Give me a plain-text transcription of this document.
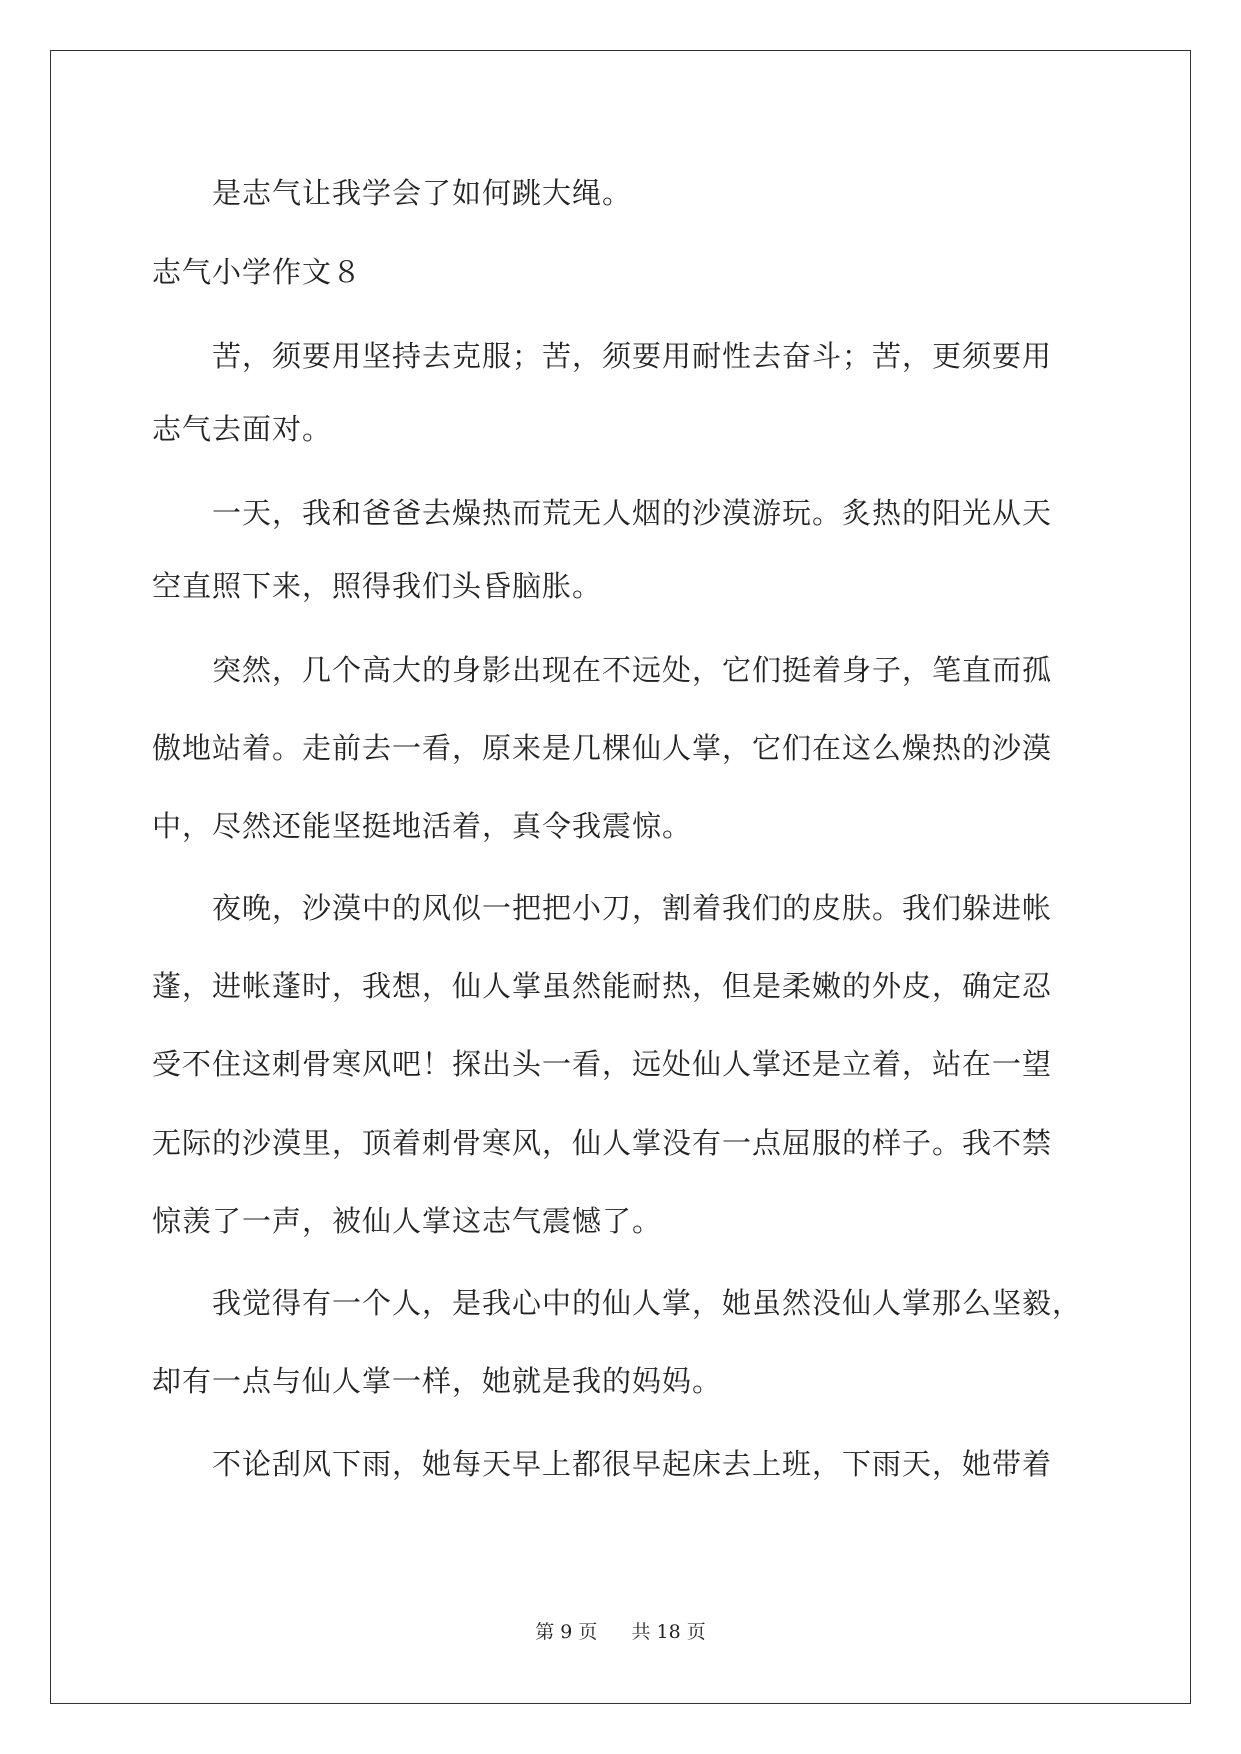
是志气让我学会了如何跳大绳。
志气小学作文８
苦，须要用坚持去克服；苦，须要用耐性去奋斗；苦，更须要用
志气去面对。
一天，我和爸爸去燥热而荒无人烟的沙漠游玩。炙热的阳光从天
空直照下来，照得我们头昏脑胀。
突然，几个高大的身影出现在不远处，它们挺着身子，笔直而孤
傲地站着。走前去一看，原来是几棵仙人掌，它们在这么燥热的沙漠
中，尽然还能坚挺地活着，真令我震惊。
夜晚，沙漠中的风似一把把小刀，割着我们的皮肤。我们躲进帐
蓬，进帐蓬时，我想，仙人掌虽然能耐热，但是柔嫩的外皮，确定忍
受不住这刺骨寒风吧！探出头一看，远处仙人掌还是立着，站在一望
无际的沙漠里，顶着刺骨寒风，仙人掌没有一点屈服的样子。我不禁
惊羡了一声，被仙人掌这志气震憾了。
我觉得有一个人，是我心中的仙人掌，她虽然没仙人掌那么坚毅，
却有一点与仙人掌一样，她就是我的妈妈。
不论刮风下雨，她每天早上都很早起床去上班，下雨天，她带着
第 9 页 共 18 页
